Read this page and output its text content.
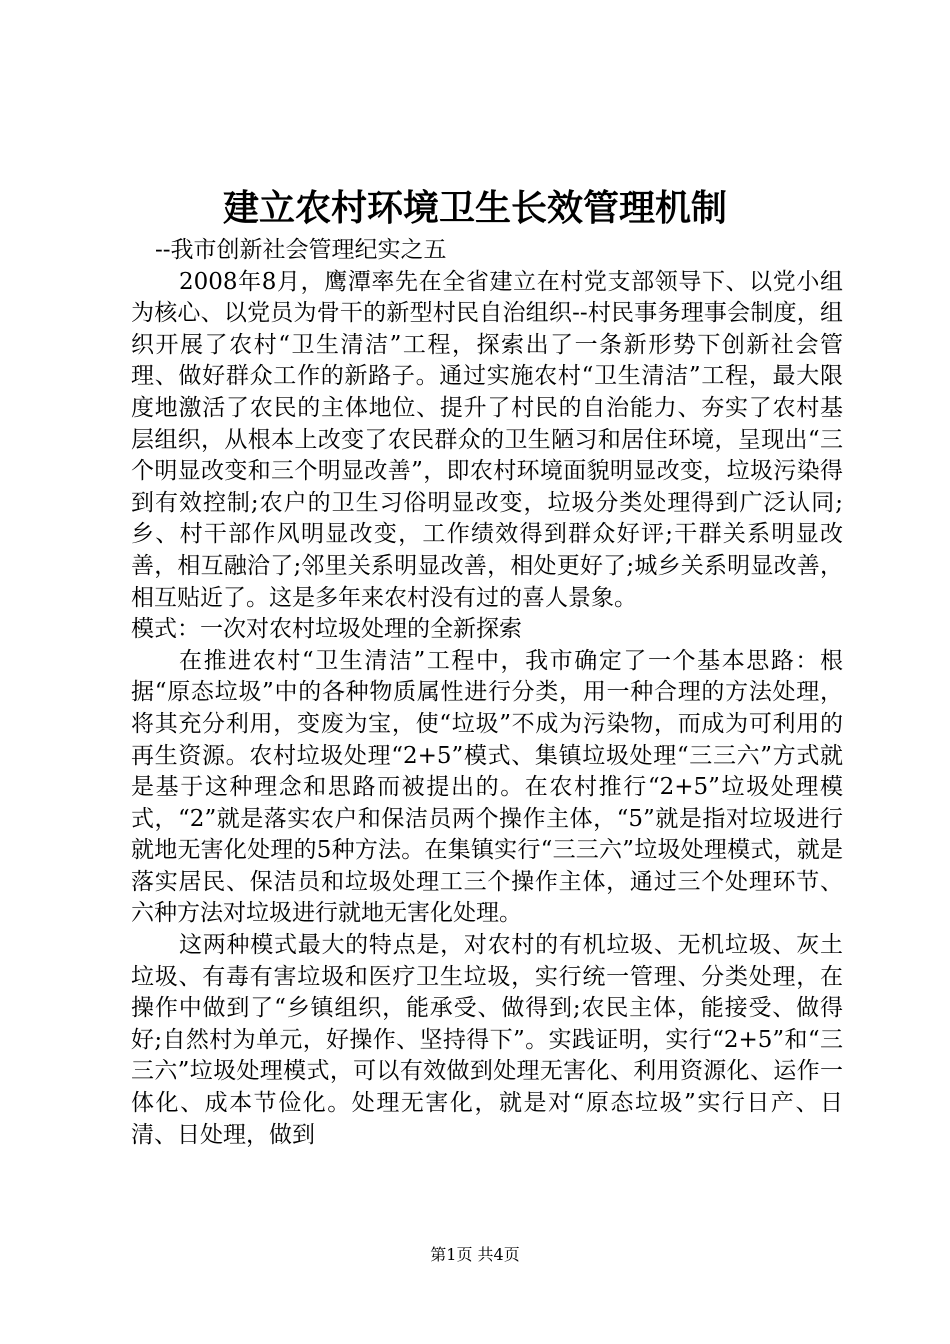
建立农村环境卫生长效管理机制

--我市创新社会管理纪实之五

2008年8月，鹰潭率先在全省建立在村党支部领导下、以党小组为核心、以党员为骨干的新型村民自治组织--村民事务理事会制度，组织开展了农村“卫生清洁”工程，探索出了一条新形势下创新社会管理、做好群众工作的新路子。通过实施农村“卫生清洁”工程，最大限度地激活了农民的主体地位、提升了村民的自治能力、夯实了农村基层组织，从根本上改变了农民群众的卫生陋习和居住环境，呈现出“三个明显改变和三个明显改善”，即农村环境面貌明显改变，垃圾污染得到有效控制;农户的卫生习俗明显改变，垃圾分类处理得到广泛认同;乡、村干部作风明显改变，工作绩效得到群众好评;干群关系明显改善，相互融洽了;邻里关系明显改善，相处更好了;城乡关系明显改善，相互贴近了。这是多年来农村没有过的喜人景象。

模式：一次对农村垃圾处理的全新探索

在推进农村“卫生清洁”工程中，我市确定了一个基本思路：根据“原态垃圾”中的各种物质属性进行分类，用一种合理的方法处理，将其充分利用，变废为宝，使“垃圾”不成为污染物，而成为可利用的再生资源。农村垃圾处理“2+5”模式、集镇垃圾处理“三三六”方式就是基于这种理念和思路而被提出的。在农村推行“2+5”垃圾处理模式，“2”就是落实农户和保洁员两个操作主体，“5”就是指对垃圾进行就地无害化处理的5种方法。在集镇实行“三三六”垃圾处理模式，就是落实居民、保洁员和垃圾处理工三个操作主体，通过三个处理环节、六种方法对垃圾进行就地无害化处理。

这两种模式最大的特点是，对农村的有机垃圾、无机垃圾、灰土垃圾、有毒有害垃圾和医疗卫生垃圾，实行统一管理、分类处理，在操作中做到了“乡镇组织，能承受、做得到;农民主体，能接受、做得好;自然村为单元，好操作、坚持得下”。实践证明，实行“2+5”和“三三六”垃圾处理模式，可以有效做到处理无害化、利用资源化、运作一体化、成本节俭化。处理无害化，就是对“原态垃圾”实行日产、日清、日处理，做到

第1页 共4页
